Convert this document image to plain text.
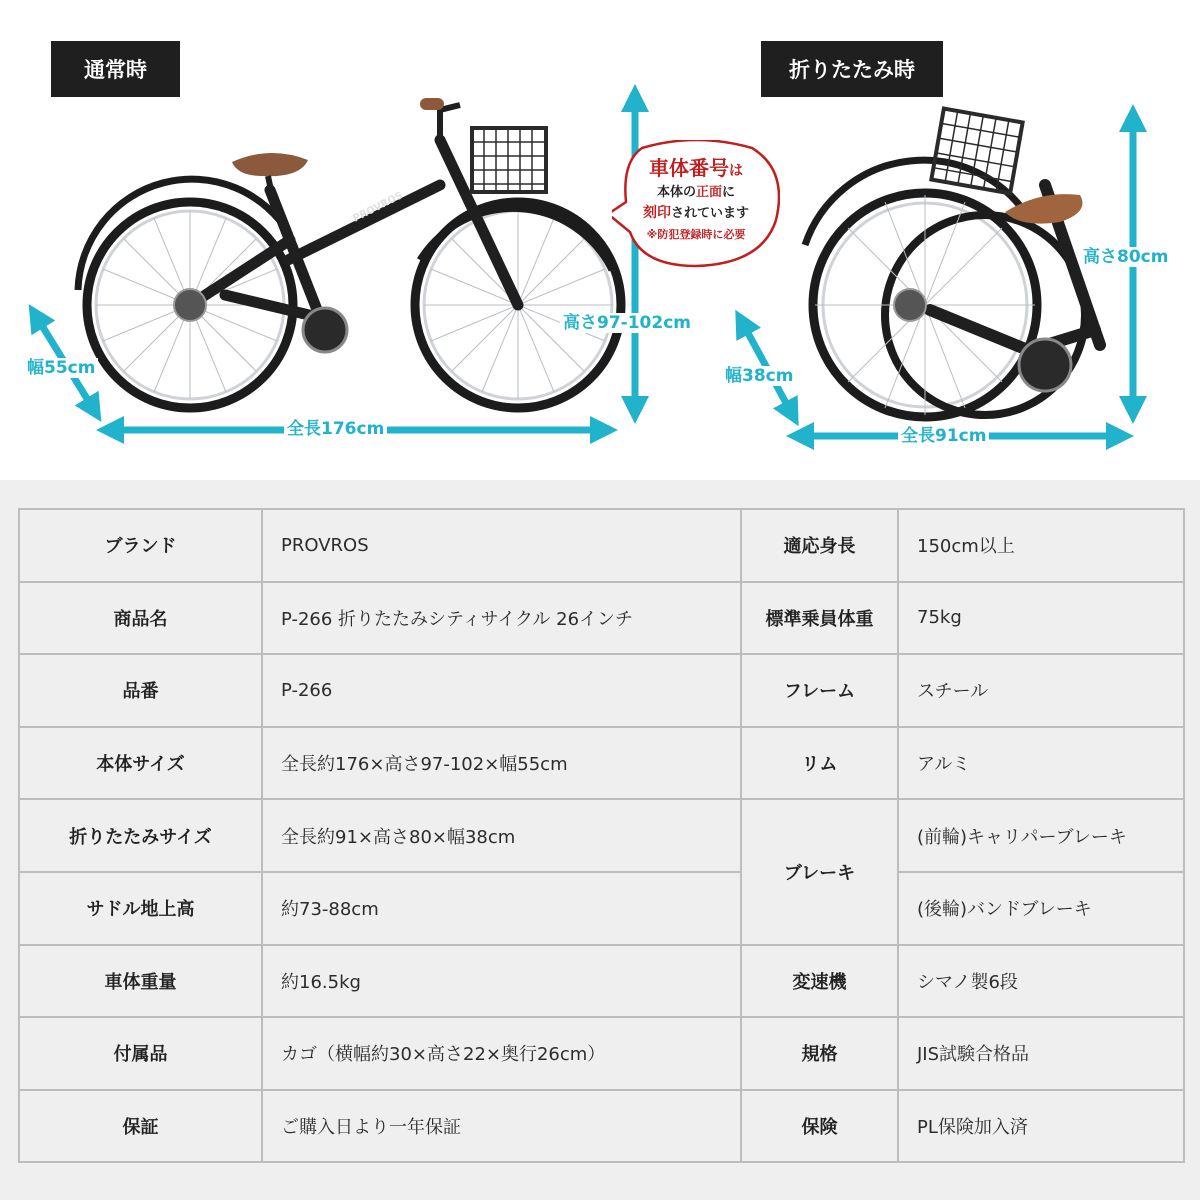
PROVROS
通常時	折りたたみ時
幅55cm
全長176cm
高さ97-102cm
幅38cm
全長91cm
高さ80cm
車体番号は
本体の正面に
刻印されています
※防犯登録時に必要
ブランド	PROVROS	適応身長	150cm以上
商品名	P-266 折りたたみシティサイクル 26インチ	標準乗員体重	75kg
品番	P-266	フレーム	スチール
本体サイズ	全長約176×高さ97-102×幅55cm	リム	アルミ
折りたたみサイズ	全長約91×高さ80×幅38cm	ブレーキ	(前輪)キャリパーブレーキ
サドル地上高	約73-88cm		(後輪)バンドブレーキ
車体重量	約16.5kg	変速機	シマノ製6段
付属品	カゴ（横幅約30×高さ22×奥行26cm）	規格	JIS試験合格品
保証	ご購入日より一年保証	保険	PL保険加入済
